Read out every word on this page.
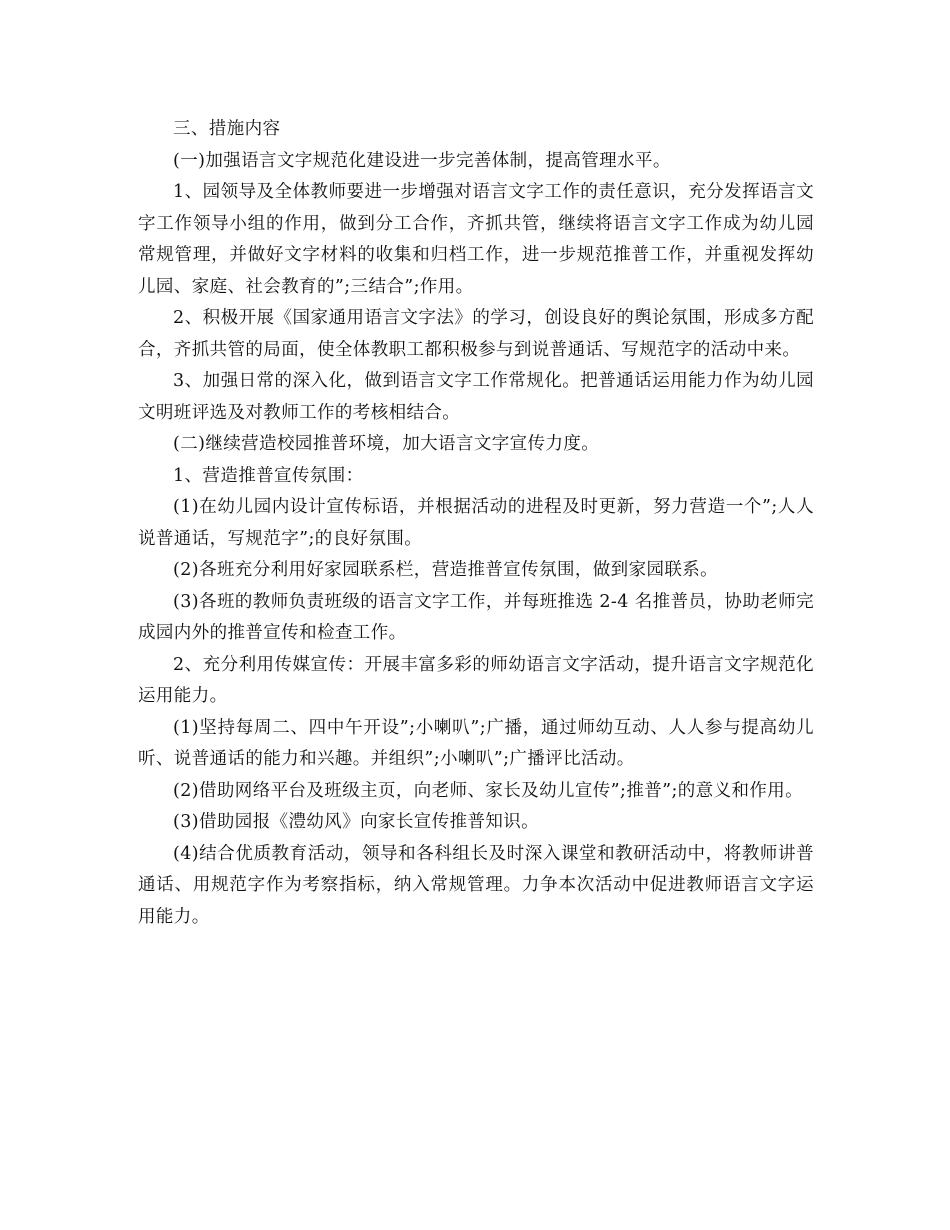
三、措施内容

(一)加强语言文字规范化建设进一步完善体制，提高管理水平。

1、园领导及全体教师要进一步增强对语言文字工作的责任意识，充分发挥语言文字工作领导小组的作用，做到分工合作，齐抓共管，继续将语言文字工作成为幼儿园常规管理，并做好文字材料的收集和归档工作，进一步规范推普工作，并重视发挥幼儿园、家庭、社会教育的”;三结合”;作用。

2、积极开展《国家通用语言文字法》的学习，创设良好的舆论氛围，形成多方配合，齐抓共管的局面，使全体教职工都积极参与到说普通话、写规范字的活动中来。

3、加强日常的深入化，做到语言文字工作常规化。把普通话运用能力作为幼儿园文明班评选及对教师工作的考核相结合。

(二)继续营造校园推普环境，加大语言文字宣传力度。

1、营造推普宣传氛围：

(1)在幼儿园内设计宣传标语，并根据活动的进程及时更新，努力营造一个”;人人说普通话，写规范字”;的良好氛围。

(2)各班充分利用好家园联系栏，营造推普宣传氛围，做到家园联系。

(3)各班的教师负责班级的语言文字工作，并每班推选 2-4 名推普员，协助老师完成园内外的推普宣传和检查工作。

2、充分利用传媒宣传：开展丰富多彩的师幼语言文字活动，提升语言文字规范化运用能力。

(1)坚持每周二、四中午开设”;小喇叭”;广播，通过师幼互动、人人参与提高幼儿听、说普通话的能力和兴趣。并组织”;小喇叭”;广播评比活动。

(2)借助网络平台及班级主页，向老师、家长及幼儿宣传”;推普”;的意义和作用。

(3)借助园报《澧幼风》向家长宣传推普知识。

(4)结合优质教育活动，领导和各科组长及时深入课堂和教研活动中，将教师讲普通话、用规范字作为考察指标，纳入常规管理。力争本次活动中促进教师语言文字运用能力。
